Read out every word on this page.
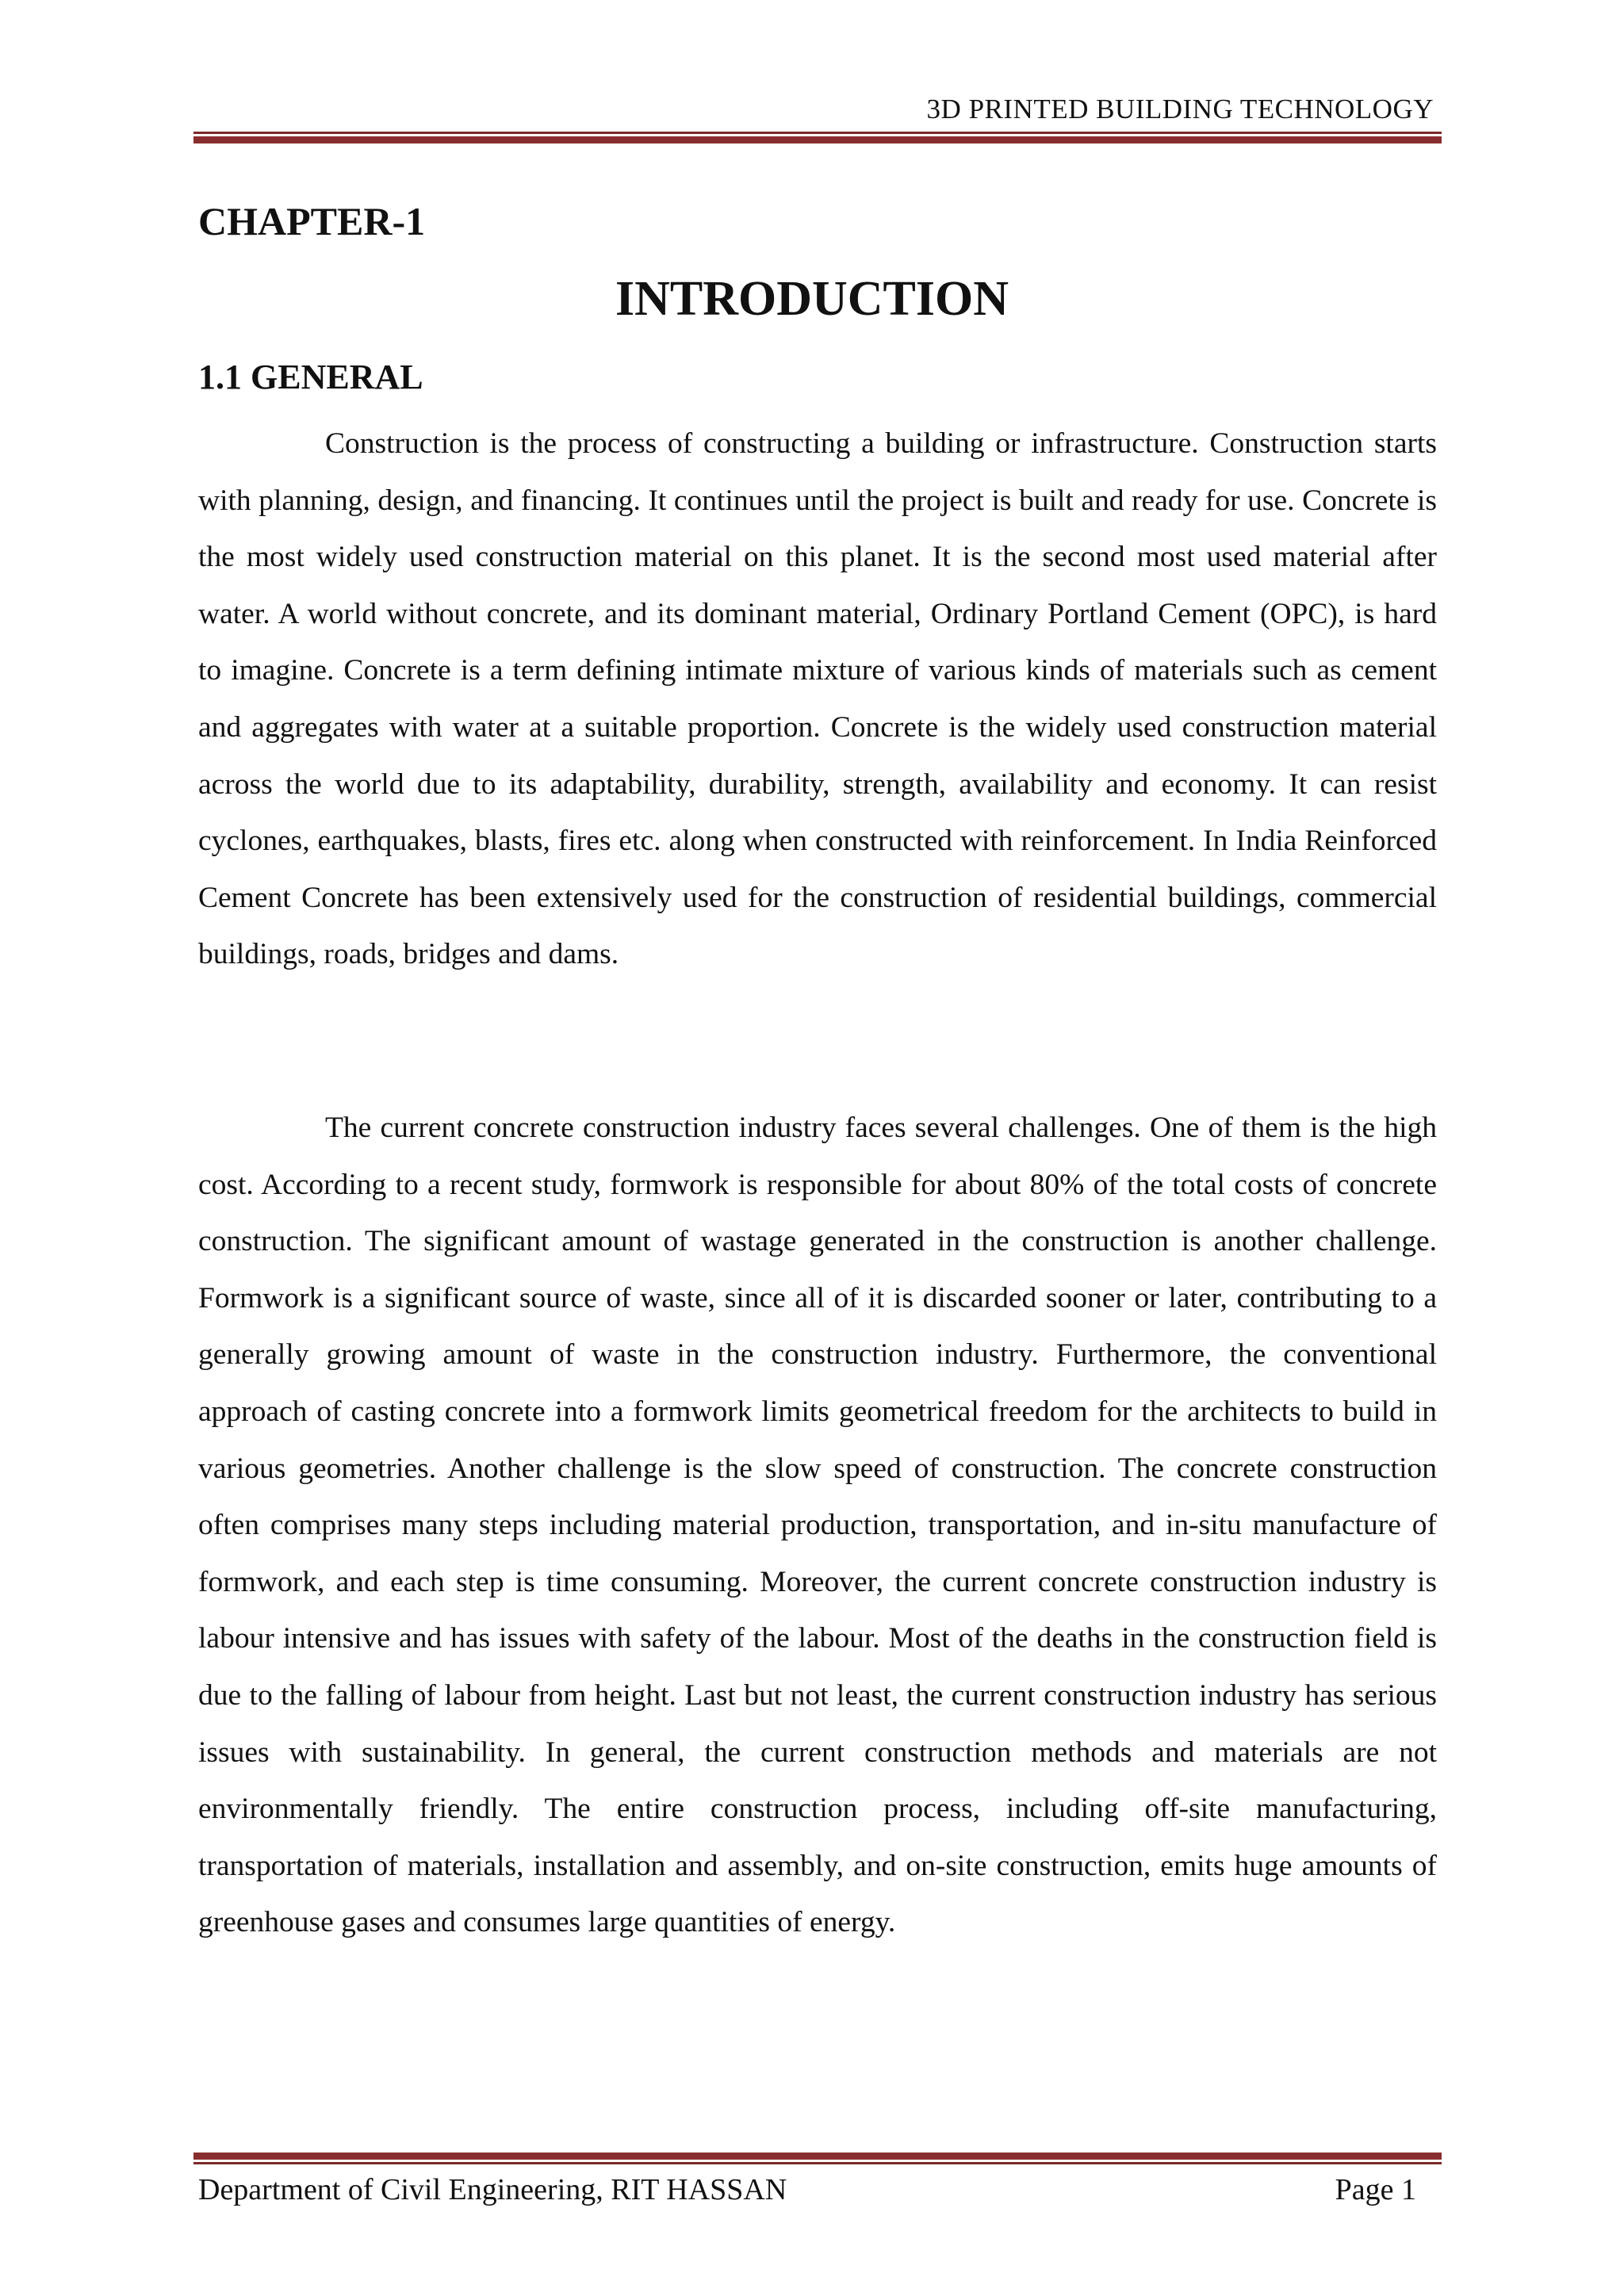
3D PRINTED BUILDING TECHNOLOGY
CHAPTER-1
INTRODUCTION
1.1 GENERAL

Construction is the process of constructing a building or infrastructure. Construction starts with planning, design, and financing. It continues until the project is built and ready for use. Concrete is the most widely used construction material on this planet. It is the second most used material after water. A world without concrete, and its dominant material, Ordinary Portland Cement (OPC), is hard to imagine. Concrete is a term defining intimate mixture of various kinds of materials such as cement and aggregates with water at a suitable proportion. Concrete is the widely used construction material across the world due to its adaptability, durability, strength, availability and economy. It can resist cyclones, earthquakes, blasts, fires etc. along when constructed with reinforcement. In India Reinforced Cement Concrete has been extensively used for the construction of residential buildings, commercial buildings, roads, bridges and dams.

The current concrete construction industry faces several challenges. One of them is the high cost. According to a recent study, formwork is responsible for about 80% of the total costs of concrete construction. The significant amount of wastage generated in the construction is another challenge. Formwork is a significant source of waste, since all of it is discarded sooner or later, contributing to a generally growing amount of waste in the construction industry. Furthermore, the conventional approach of casting concrete into a formwork limits geometrical freedom for the architects to build in various geometries. Another challenge is the slow speed of construction. The concrete construction often comprises many steps including material production, transportation, and in-situ manufacture of formwork, and each step is time consuming. Moreover, the current concrete construction industry is labour intensive and has issues with safety of the labour. Most of the deaths in the construction field is due to the falling of labour from height. Last but not least, the current construction industry has serious issues with sustainability. In general, the current construction methods and materials are not environmentally friendly. The entire construction process, including off-site manufacturing, transportation of materials, installation and assembly, and on-site construction, emits huge amounts of greenhouse gases and consumes large quantities of energy.

Department of Civil Engineering, RIT HASSAN	Page 1
